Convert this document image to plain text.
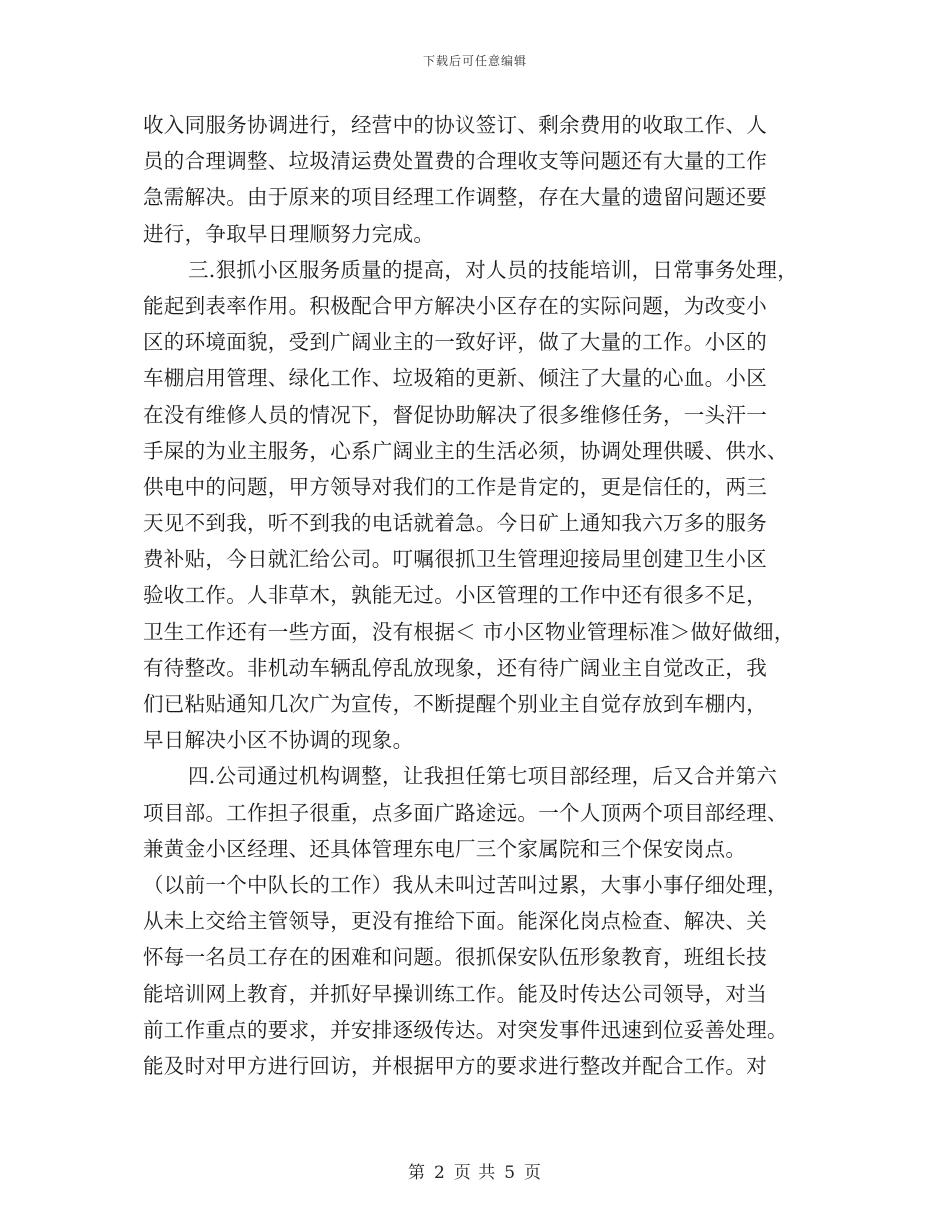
下载后可任意编辑
收入同服务协调进行，经营中的协议签订、剩余费用的收取工作、人
员的合理调整、垃圾清运费处置费的合理收支等问题还有大量的工作
急需解决。由于原来的项目经理工作调整，存在大量的遗留问题还要
进行，争取早日理顺努力完成。
三.狠抓小区服务质量的提高，对人员的技能培训，日常事务处理，
能起到表率作用。积极配合甲方解决小区存在的实际问题，为改变小
区的环境面貌，受到广阔业主的一致好评，做了大量的工作。小区的
车棚启用管理、绿化工作、垃圾箱的更新、倾注了大量的心血。小区
在没有维修人员的情况下，督促协助解决了很多维修任务，一头汗一
手屎的为业主服务，心系广阔业主的生活必须，协调处理供暖、供水、
供电中的问题，甲方领导对我们的工作是肯定的，更是信任的，两三
天见不到我，听不到我的电话就着急。今日矿上通知我六万多的服务
费补贴，今日就汇给公司。叮嘱很抓卫生管理迎接局里创建卫生小区
验收工作。人非草木，孰能无过。小区管理的工作中还有很多不足，
卫生工作还有一些方面，没有根据＜ 市小区物业管理标准＞做好做细，
有待整改。非机动车辆乱停乱放现象，还有待广阔业主自觉改正，我
们已粘贴通知几次广为宣传，不断提醒个别业主自觉存放到车棚内，
早日解决小区不协调的现象。
四.公司通过机构调整，让我担任第七项目部经理，后又合并第六
项目部。工作担子很重，点多面广路途远。一个人顶两个项目部经理、
兼黄金小区经理、还具体管理东电厂三个家属院和三个保安岗点。
（以前一个中队长的工作）我从未叫过苦叫过累，大事小事仔细处理，
从未上交给主管领导，更没有推给下面。能深化岗点检查、解决、关
怀每一名员工存在的困难和问题。很抓保安队伍形象教育，班组长技
能培训网上教育，并抓好早操训练工作。能及时传达公司领导，对当
前工作重点的要求，并安排逐级传达。对突发事件迅速到位妥善处理。
能及时对甲方进行回访，并根据甲方的要求进行整改并配合工作。对
第 2 页 共 5 页
